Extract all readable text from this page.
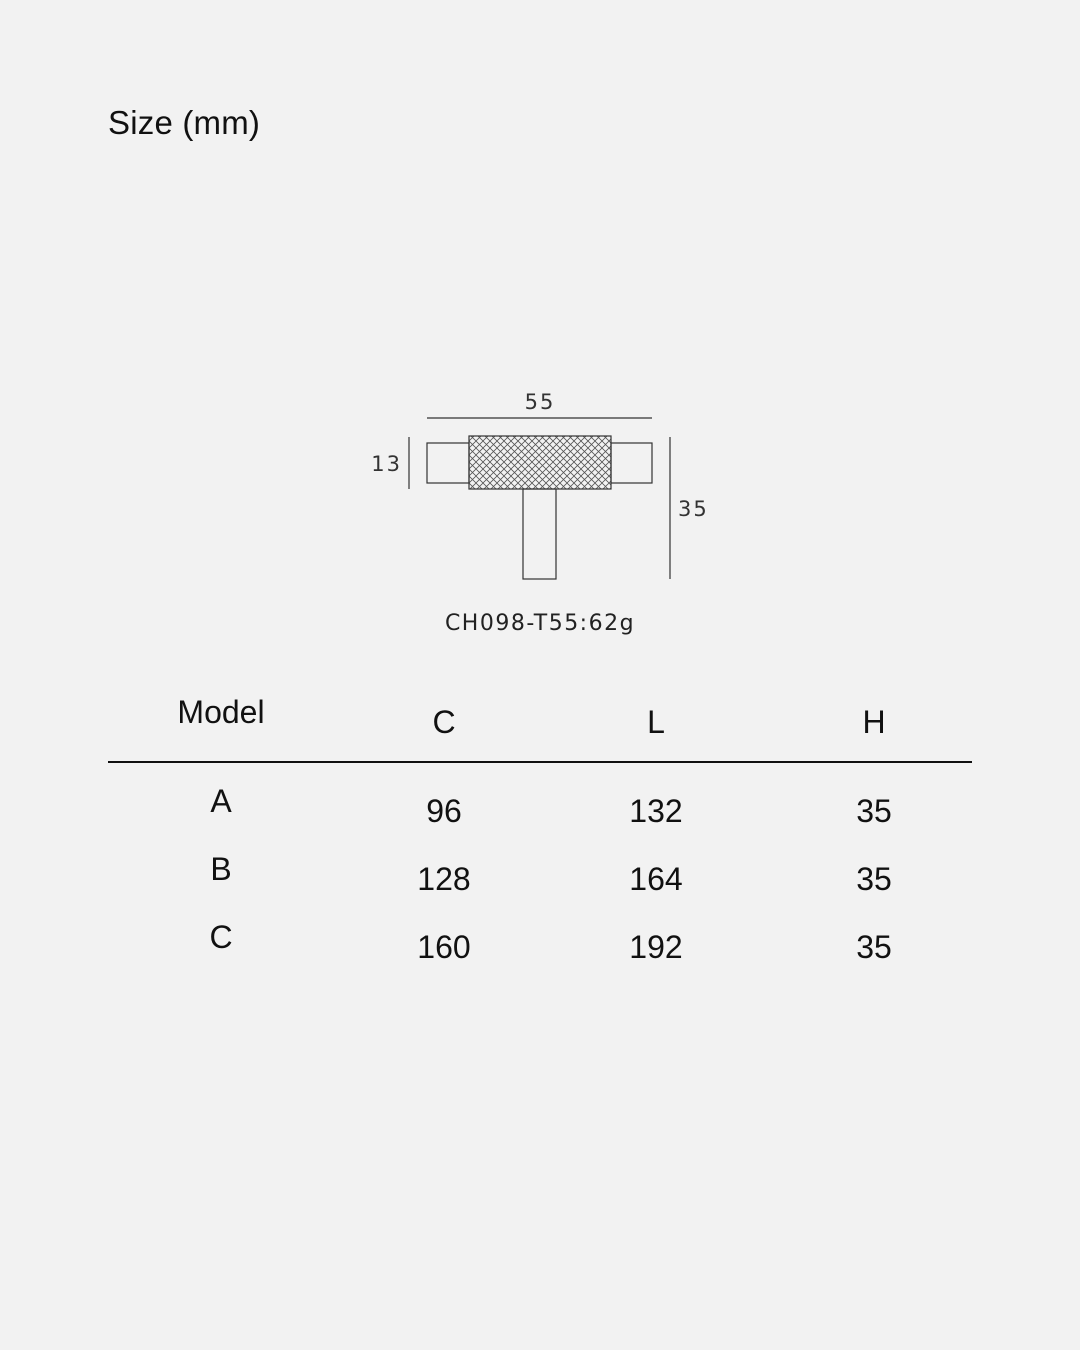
Size (mm)
55
13
35
CH098-T55:62g
Model	C	L	H
A	96	132	35
B	128	164	35
C	160	192	35
